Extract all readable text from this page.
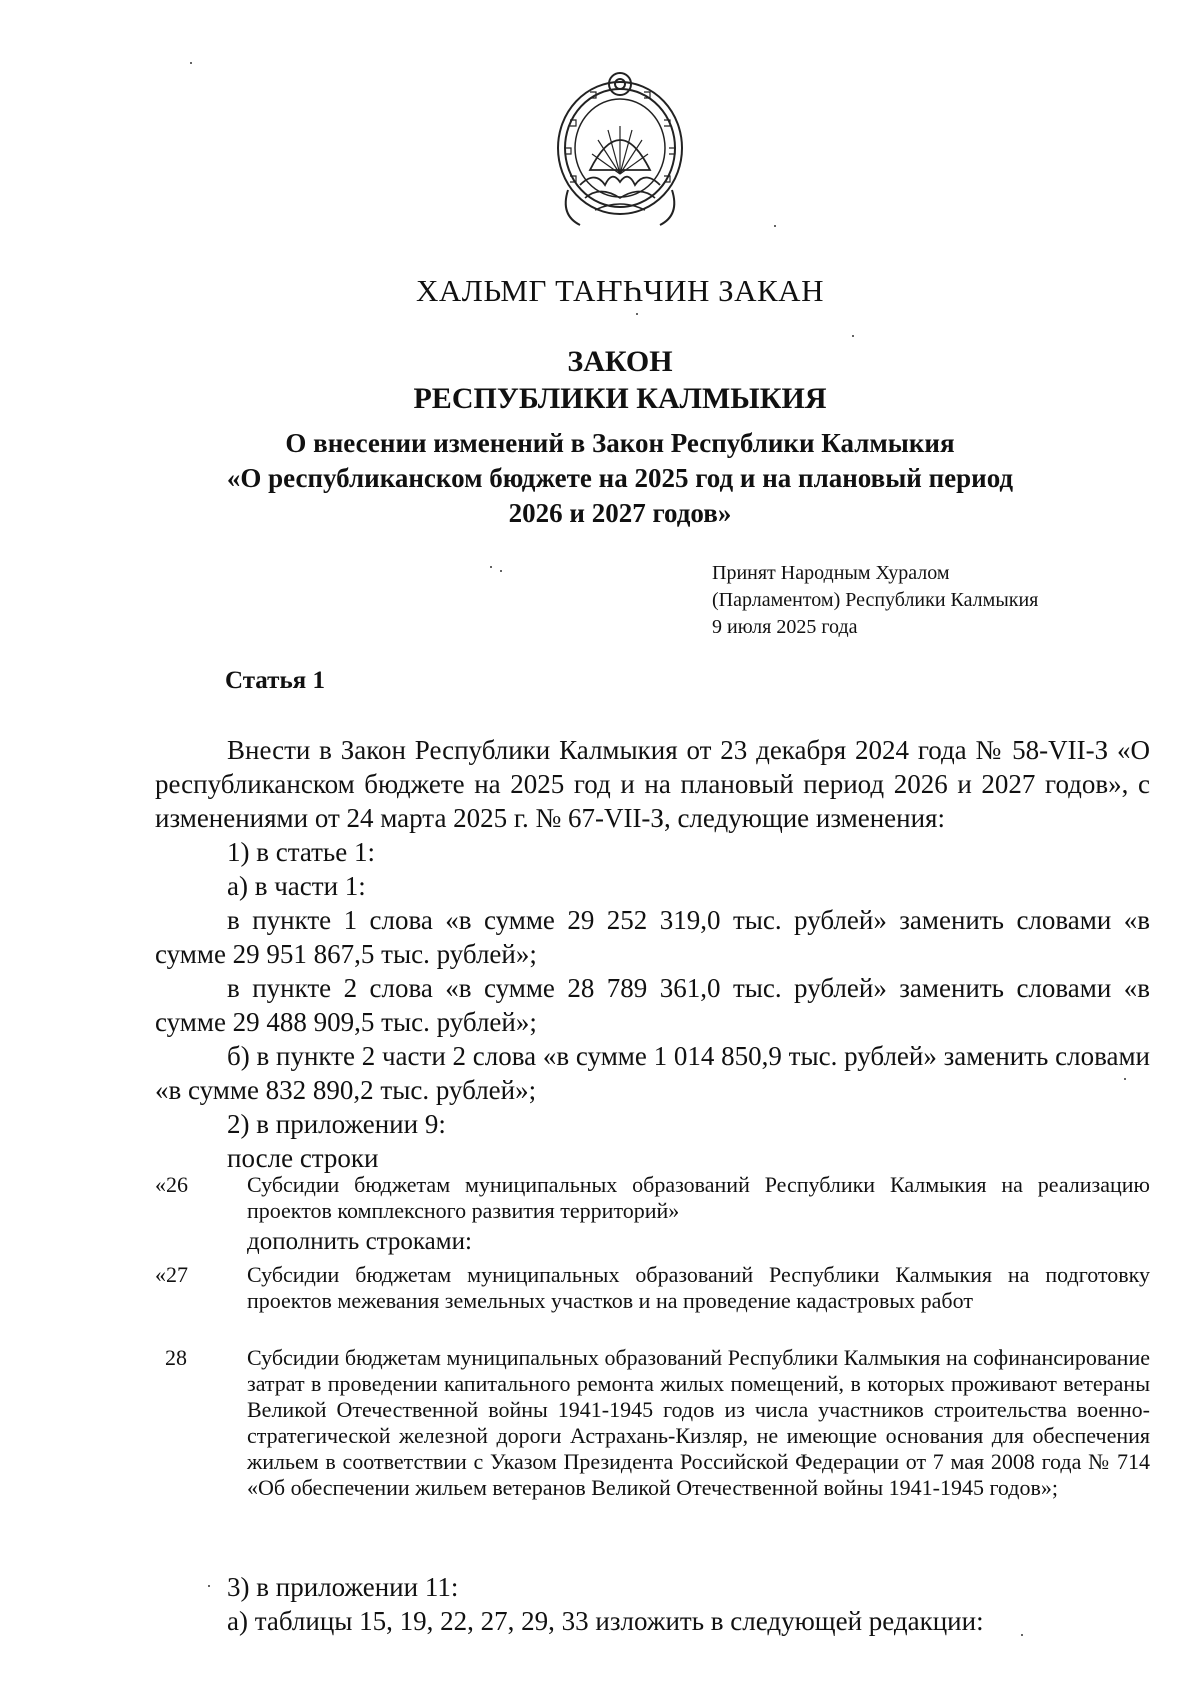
ХАЛЬМГ ТАҤҺЧИН ЗАКАН
ЗАКОН
РЕСПУБЛИКИ КАЛМЫКИЯ
О внесении изменений в Закон Республики Калмыкия
«О республиканском бюджете на 2025 год и на плановый период
2026 и 2027 годов»
Принят Народным Хуралом
(Парламентом) Республики Калмыкия
9 июля 2025 года
Статья 1
Внести в Закон Республики Калмыкия от 23 декабря 2024 года № 58-VII-З «О республиканском бюджете на 2025 год и на плановый период 2026 и 2027 годов», с изменениями от 24 марта 2025 г. № 67-VII-З, следующие изменения:
1) в статье 1:
а) в части 1:
в пункте 1 слова «в сумме 29 252 319,0 тыс. рублей» заменить словами «в сумме 29 951 867,5 тыс. рублей»;
в пункте 2 слова «в сумме 28 789 361,0 тыс. рублей» заменить словами «в сумме 29 488 909,5 тыс. рублей»;
б) в пункте 2 части 2 слова «в сумме 1 014 850,9 тыс. рублей» заменить словами «в сумме 832 890,2 тыс. рублей»;
2) в приложении 9:
после строки
«26	Субсидии бюджетам муниципальных образований Республики Калмыкия на реализацию проектов комплексного развития территорий»
дополнить строками:
«27	Субсидии бюджетам муниципальных образований Республики Калмыкия на подготовку проектов межевания земельных участков и на проведение кадастровых работ
28	Субсидии бюджетам муниципальных образований Республики Калмыкия на софинансирование затрат в проведении капитального ремонта жилых помещений, в которых проживают ветераны Великой Отечественной войны 1941-1945 годов из числа участников строительства военно-стратегической железной дороги Астрахань-Кизляр, не имеющие основания для обеспечения жильем в соответствии с Указом Президента Российской Федерации от 7 мая 2008 года № 714 «Об обеспечении жильем ветеранов Великой Отечественной войны 1941-1945 годов»;
3) в приложении 11:
а) таблицы 15, 19, 22, 27, 29, 33 изложить в следующей редакции:
